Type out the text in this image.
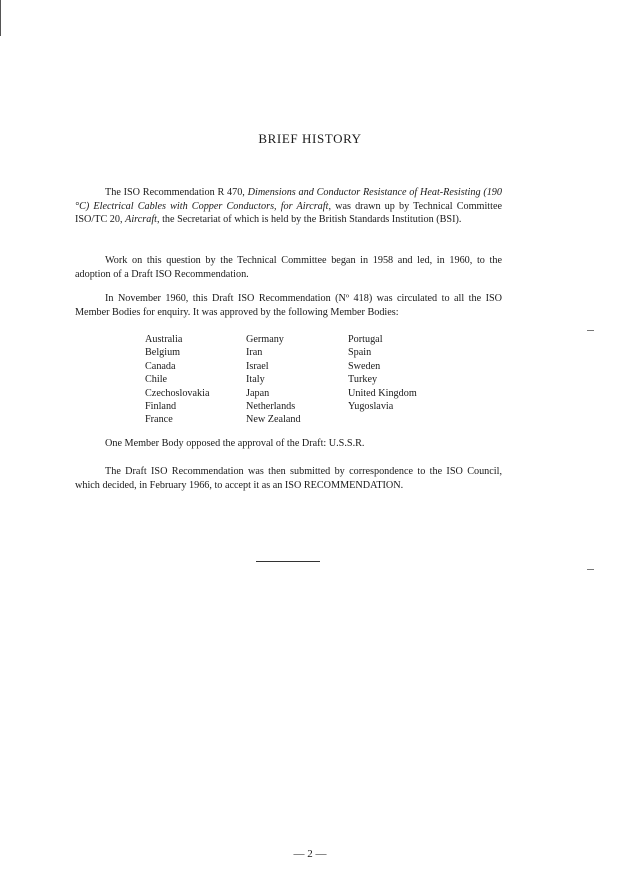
BRIEF HISTORY

The ISO Recommendation R 470, Dimensions and Conductor Resistance of Heat-Resisting (190 °C) Electrical Cables with Copper Conductors, for Aircraft, was drawn up by Technical Committee ISO/TC 20, Aircraft, the Secretariat of which is held by the British Standards Institution (BSI).

Work on this question by the Technical Committee began in 1958 and led, in 1960, to the adoption of a Draft ISO Recommendation.

In November 1960, this Draft ISO Recommendation (Nº 418) was circulated to all the ISO Member Bodies for enquiry. It was approved by the following Member Bodies:

Australia
Belgium
Canada
Chile
Czechoslovakia
Finland
France
Germany
Iran
Israel
Italy
Japan
Netherlands
New Zealand
Portugal
Spain
Sweden
Turkey
United Kingdom
Yugoslavia

One Member Body opposed the approval of the Draft: U.S.S.R.

The Draft ISO Recommendation was then submitted by correspondence to the ISO Council, which decided, in February 1966, to accept it as an ISO RECOMMENDATION.

— 2 —
